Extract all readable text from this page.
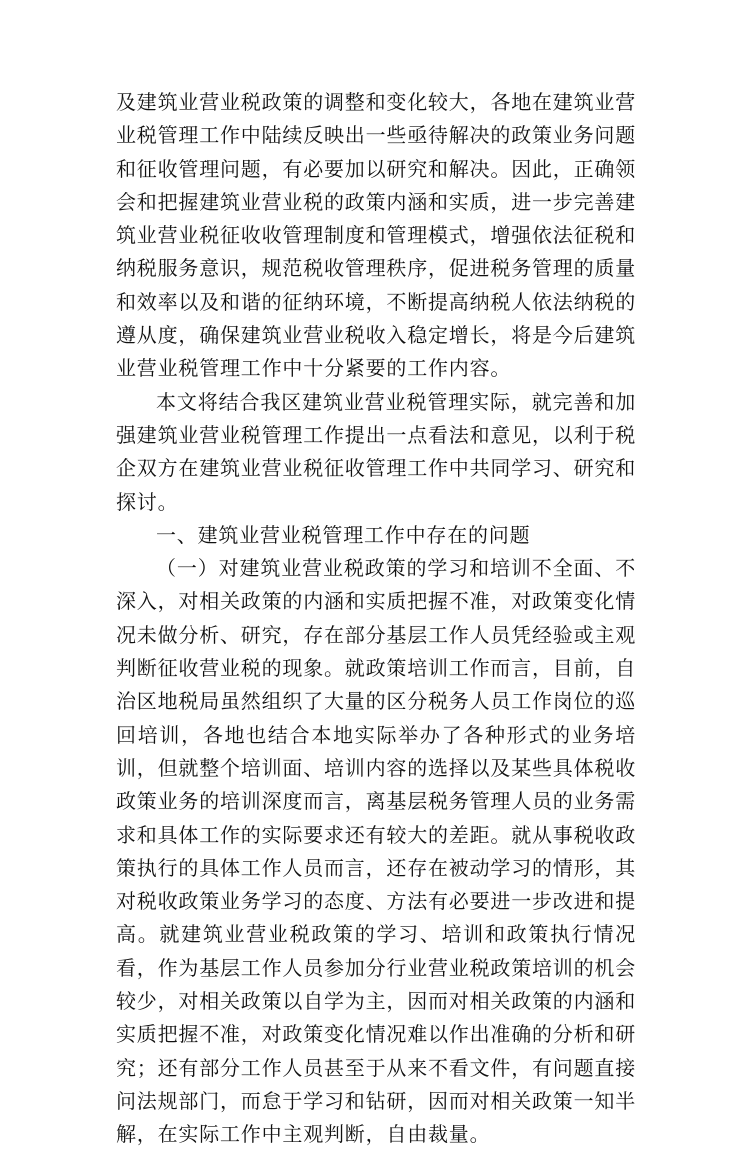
及建筑业营业税政策的调整和变化较大，各地在建筑业营业税管理工作中陆续反映出一些亟待解决的政策业务问题和征收管理问题，有必要加以研究和解决。因此，正确领会和把握建筑业营业税的政策内涵和实质，进一步完善建筑业营业税征收收管理制度和管理模式，增强依法征税和纳税服务意识，规范税收管理秩序，促进税务管理的质量和效率以及和谐的征纳环境，不断提高纳税人依法纳税的遵从度，确保建筑业营业税收入稳定增长，将是今后建筑业营业税管理工作中十分紧要的工作内容。

本文将结合我区建筑业营业税管理实际，就完善和加强建筑业营业税管理工作提出一点看法和意见，以利于税企双方在建筑业营业税征收管理工作中共同学习、研究和探讨。

一、建筑业营业税管理工作中存在的问题

（一）对建筑业营业税政策的学习和培训不全面、不深入，对相关政策的内涵和实质把握不准，对政策变化情况未做分析、研究，存在部分基层工作人员凭经验或主观判断征收营业税的现象。就政策培训工作而言，目前，自治区地税局虽然组织了大量的区分税务人员工作岗位的巡回培训，各地也结合本地实际举办了各种形式的业务培训，但就整个培训面、培训内容的选择以及某些具体税收政策业务的培训深度而言，离基层税务管理人员的业务需求和具体工作的实际要求还有较大的差距。就从事税收政策执行的具体工作人员而言，还存在被动学习的情形，其对税收政策业务学习的态度、方法有必要进一步改进和提高。就建筑业营业税政策的学习、培训和政策执行情况看，作为基层工作人员参加分行业营业税政策培训的机会较少，对相关政策以自学为主，因而对相关政策的内涵和实质把握不准，对政策变化情况难以作出准确的分析和研究；还有部分工作人员甚至于从来不看文件，有问题直接问法规部门，而怠于学习和钻研，因而对相关政策一知半解，在实际工作中主观判断，自由裁量。
